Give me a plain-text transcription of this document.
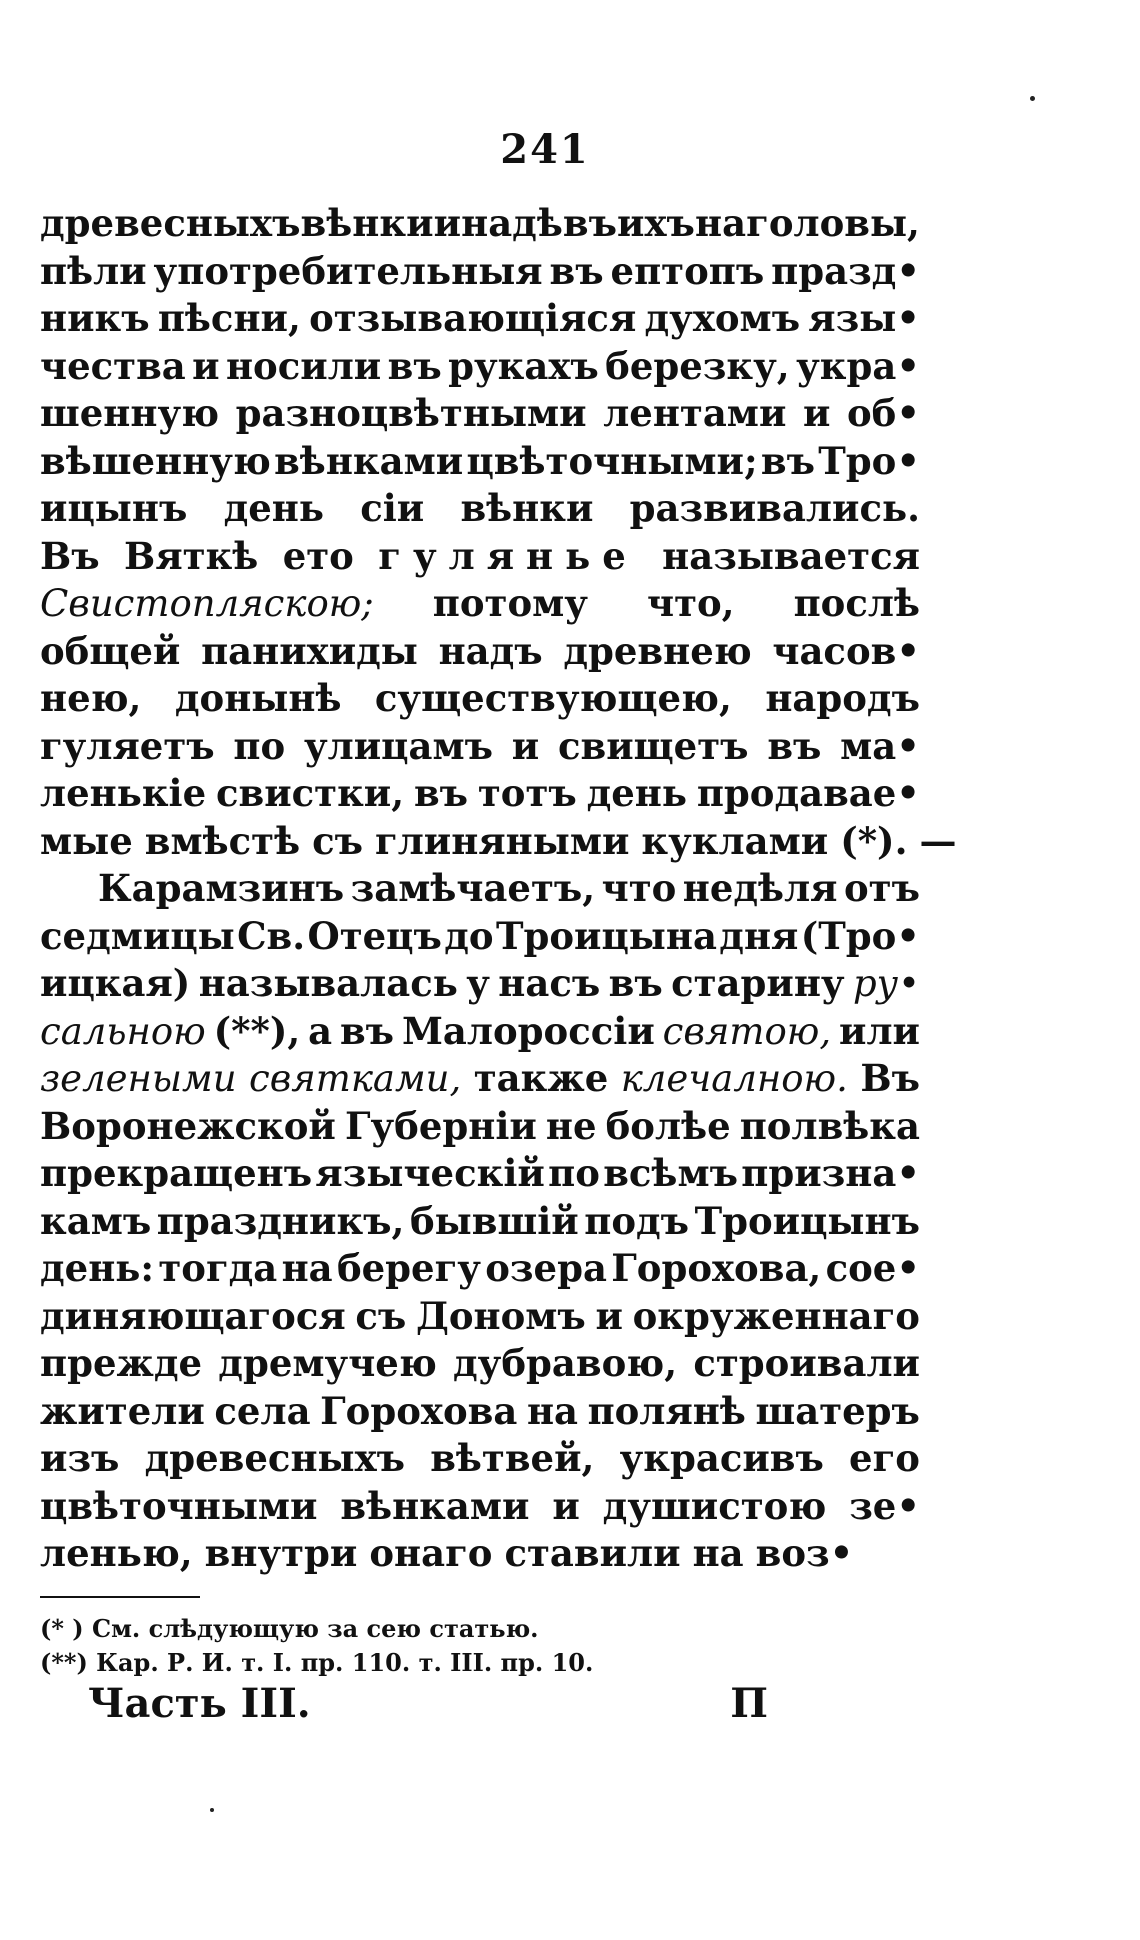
241
древесныхъ вѣнки и надѣвъ ихъ на головы,
пѣли употребительныя въ ептопъ празд•
никъ пѣсни, отзывающіяся духомъ язы•
чества и носили въ рукахъ березку, укра•
шенную разноцвѣтными лентами и об•
вѣшенную вѣнками цвѣточными; въ Тро•
ицынъ день сіи вѣнки развивались.
Въ Вяткѣ ето гулянье называется
Свистопляскою; потому что, послѣ
общей панихиды надъ древнею часов•
нею, донынѣ существующею, народъ
гуляетъ по улицамъ и свищетъ въ ма•
ленькіе свистки, въ тотъ день продавае•
мые вмѣстѣ съ глиняными куклами (*). —
Карамзинъ замѣчаетъ, что недѣля отъ
седмицы Св. Отецъ до Троицына дня (Тро•
ицкая) называлась у насъ въ старину ру•
сальною (**), а въ Малороссіи святою, или
зелеными святками, также клечалною. Въ
Воронежской Губерніи не болѣе полвѣка
прекращенъ языческій по всѣмъ призна•
камъ праздникъ, бывшій подъ Троицынъ
день: тогда на берегу озера Горохова, сое•
диняющагося съ Дономъ и окруженнаго
прежде дремучею дубравою, строивали
жители села Горохова на полянѣ шатеръ
изъ древесныхъ вѣтвей, украсивъ его
цвѣточными вѣнками и душистою зе•
ленью, внутри онаго ставили на воз•
(* ) См. слѣдующую за сею статью.
(**) Кар. Р. И. т. I. пр. 110. т. III. пр. 10.
Часть III.	П
